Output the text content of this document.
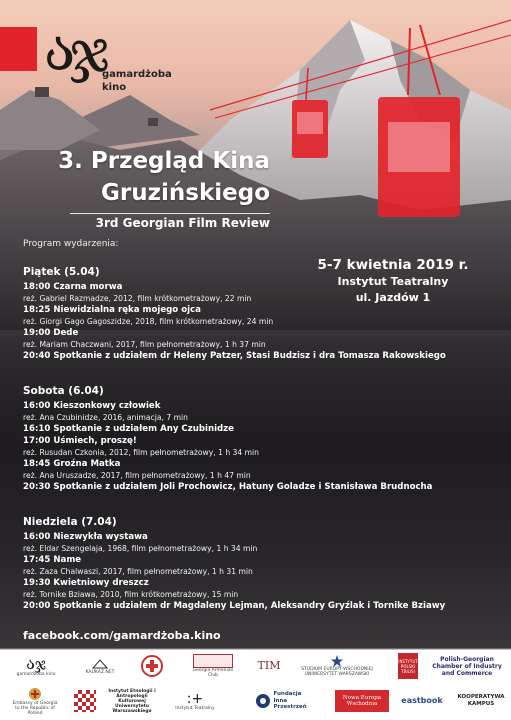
აჯ gamardżoba
kino
3. Przegląd Kina
Gruzińskiego
3rd Georgian Film Review
Program wydarzenia:
5-7 kwietnia 2019 r.
Instytut Teatralny
ul. Jazdów 1
Piątek (5.04)
18:00 Czarna morwa
reż. Gabriel Razmadze, 2012, film krótkometrażowy, 22 min
18:25 Niewidzialna ręka mojego ojca
reż. Giorgi Gago Gagoszidze, 2018, film krótkometrażowy, 24 min
19:00 Dede
reż. Mariam Chaczwani, 2017, film pełnometrażowy, 1 h 37 min
20:40 Spotkanie z udziałem dr Heleny Patzer, Stasi Budzisz i dra Tomasza Rakowskiego
Sobota (6.04)
16:00 Kieszonkowy człowiek
reż. Ana Czubinidze, 2016, animacja, 7 min
16:10 Spotkanie z udziałem Any Czubinidze
17:00 Uśmiech, proszę!
reż. Rusudan Czkonia, 2012, film pełnometrażowy, 1 h 34 min
18:45 Groźna Matka
reż. Ana Uruszadze, 2017, film pełnometrażowy, 1 h 47 min
20:30 Spotkanie z udziałem Joli Prochowicz, Hatuny Goladze i Stanisława Brudnocha
Niedziela (7.04)
16:00 Niezwykła wystawa
reż. Eldar Szengelaja, 1968, film pełnometrażowy, 1 h 34 min
17:45 Name
reż. Zaza Chalwaszi, 2017, film pełnometrażowy, 1 h 31 min
19:30 Kwietniowy dreszcz
reż. Tornike Bziawa, 2010, film krótkometrażowy, 15 min
20:00 Spotkanie z udziałem dr Magdaleny Lejman, Aleksandry Gryźlak i Tornike Bziawy
facebook.com/gamardżoba.kino
აჯ
gamardżoba kino	KAUKAZ.NET	Georgia Armenian Club
TIM	STUDIUM EUROPY WSCHODNIEJ UNIWERSYTET WARSZAWSKI
INSTYTUT POLSKI TBILISI
Polish-Georgian Chamber of Industry and Commerce
Embassy of Georgia to the Republic of Poland
Instytut Etnologii i Antropologii Kulturowej Uniwersytetu Warszawskiego
:+
Instytut Teatralny
Fundacja Inna Przestrzeń
Nowa Europa Wschodnia	eastbook	KOOPERATYWA KAMPUS
